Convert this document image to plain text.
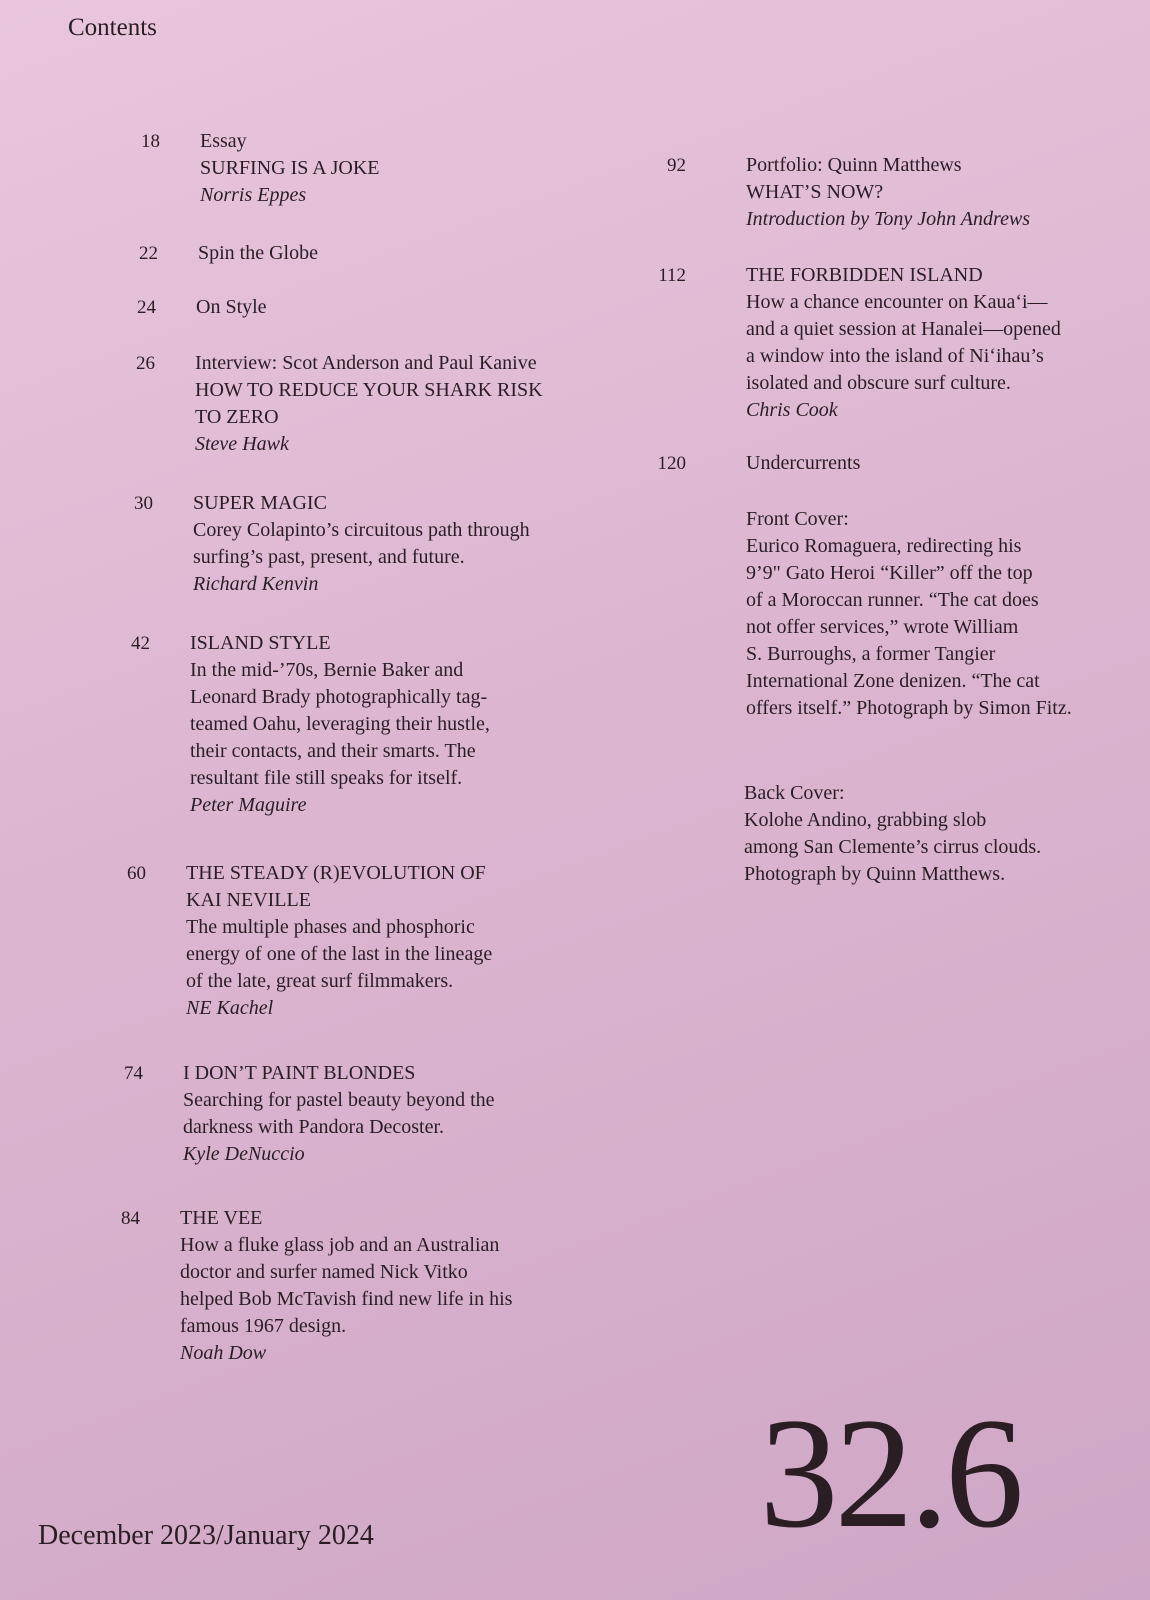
Contents
18 Essay
SURFING IS A JOKE
Norris Eppes
22 Spin the Globe
24 On Style
26 Interview: Scot Anderson and Paul Kanive
HOW TO REDUCE YOUR SHARK RISK
TO ZERO
Steve Hawk
30 SUPER MAGIC
Corey Colapinto’s circuitous path through
surfing’s past, present, and future.
Richard Kenvin
42 ISLAND STYLE
In the mid-’70s, Bernie Baker and
Leonard Brady photographically tag-
teamed Oahu, leveraging their hustle,
their contacts, and their smarts. The
resultant file still speaks for itself.
Peter Maguire
60 THE STEADY (R)EVOLUTION OF
KAI NEVILLE
The multiple phases and phosphoric
energy of one of the last in the lineage
of the late, great surf filmmakers.
NE Kachel
74 I DON’T PAINT BLONDES
Searching for pastel beauty beyond the
darkness with Pandora Decoster.
Kyle DeNuccio
84 THE VEE
How a fluke glass job and an Australian
doctor and surfer named Nick Vitko
helped Bob McTavish find new life in his
famous 1967 design.
Noah Dow
92	Portfolio: Quinn Matthews
WHAT’S NOW?
Introduction by Tony John Andrews
112	THE FORBIDDEN ISLAND
How a chance encounter on Kaua‘i—
and a quiet session at Hanalei—opened
a window into the island of Ni‘ihau’s
isolated and obscure surf culture.
Chris Cook
120	Undercurrents
Front Cover:
Eurico Romaguera, redirecting his
9’9" Gato Heroi “Killer” off the top
of a Moroccan runner. “The cat does
not offer services,” wrote William
S. Burroughs, a former Tangier
International Zone denizen. “The cat
offers itself.” Photograph by Simon Fitz.
Back Cover:
Kolohe Andino, grabbing slob
among San Clemente’s cirrus clouds.
Photograph by Quinn Matthews.
December 2023/January 2024 32.6
